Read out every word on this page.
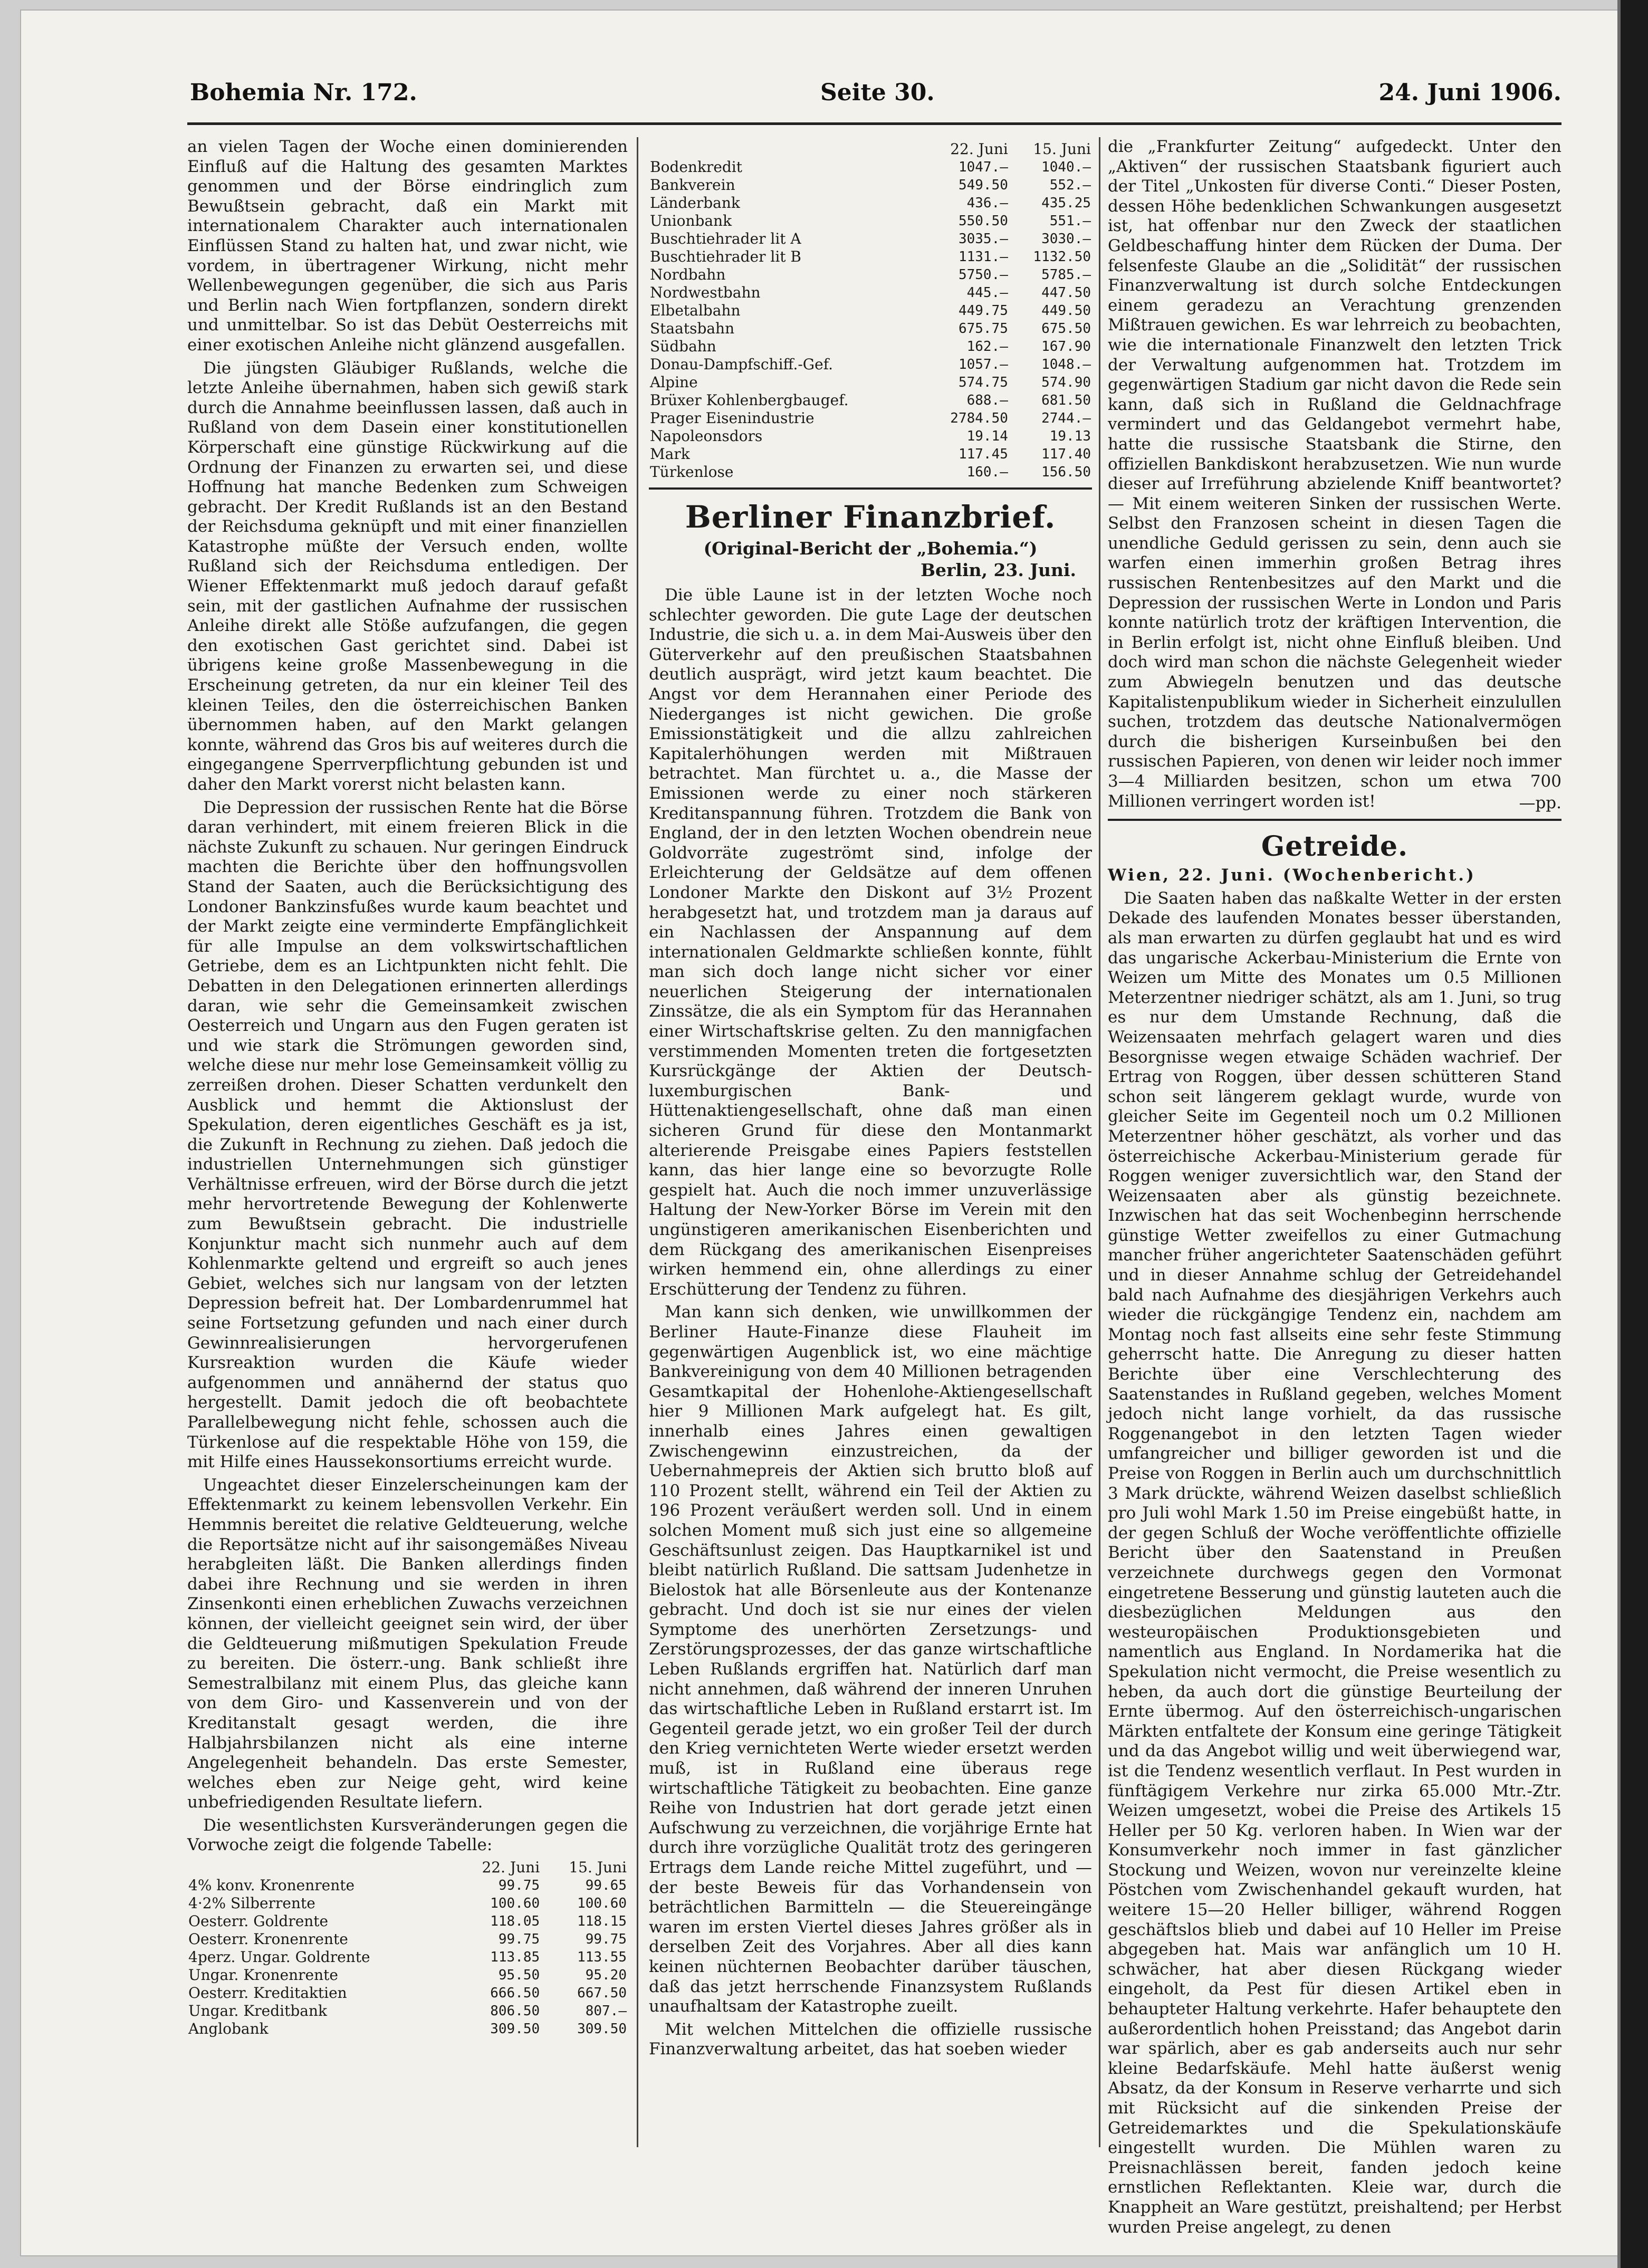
Bohemia Nr. 172.	Seite 30.	24. Juni 1906.

an vielen Tagen der Woche einen dominierenden Einfluß auf die Haltung des gesamten Marktes genommen und der Börse eindringlich zum Bewußtsein gebracht, daß ein Markt mit internationalem Charakter auch internationalen Einflüssen Stand zu halten hat, und zwar nicht, wie vordem, in übertragener Wirkung, nicht mehr Wellenbewegungen gegenüber, die sich aus Paris und Berlin nach Wien fortpflanzen, sondern direkt und unmittelbar. So ist das Debüt Oesterreichs mit einer exotischen Anleihe nicht glänzend ausgefallen.

Die jüngsten Gläubiger Rußlands, welche die letzte Anleihe übernahmen, haben sich gewiß stark durch die Annahme beeinflussen lassen, daß auch in Rußland von dem Dasein einer konstitutionellen Körperschaft eine günstige Rückwirkung auf die Ordnung der Finanzen zu erwarten sei, und diese Hoffnung hat manche Bedenken zum Schweigen gebracht. Der Kredit Rußlands ist an den Bestand der Reichsduma geknüpft und mit einer finanziellen Katastrophe müßte der Versuch enden, wollte Rußland sich der Reichsduma entledigen. Der Wiener Effektenmarkt muß jedoch darauf gefaßt sein, mit der gastlichen Aufnahme der russischen Anleihe direkt alle Stöße aufzufangen, die gegen den exotischen Gast gerichtet sind. Dabei ist übrigens keine große Massenbewegung in die Erscheinung getreten, da nur ein kleiner Teil des kleinen Teiles, den die österreichischen Banken übernommen haben, auf den Markt gelangen konnte, während das Gros bis auf weiteres durch die eingegangene Sperrverpflichtung gebunden ist und daher den Markt vorerst nicht belasten kann.

Die Depression der russischen Rente hat die Börse daran verhindert, mit einem freieren Blick in die nächste Zukunft zu schauen. Nur geringen Eindruck machten die Berichte über den hoffnungsvollen Stand der Saaten, auch die Berücksichtigung des Londoner Bankzinsfußes wurde kaum beachtet und der Markt zeigte eine verminderte Empfänglichkeit für alle Impulse an dem volkswirtschaftlichen Getriebe, dem es an Lichtpunkten nicht fehlt. Die Debatten in den Delegationen erinnerten allerdings daran, wie sehr die Gemeinsamkeit zwischen Oesterreich und Ungarn aus den Fugen geraten ist und wie stark die Strömungen geworden sind, welche diese nur mehr lose Gemeinsamkeit völlig zu zerreißen drohen. Dieser Schatten verdunkelt den Ausblick und hemmt die Aktionslust der Spekulation, deren eigentliches Geschäft es ja ist, die Zukunft in Rechnung zu ziehen. Daß jedoch die industriellen Unternehmungen sich günstiger Verhältnisse erfreuen, wird der Börse durch die jetzt mehr hervortretende Bewegung der Kohlenwerte zum Bewußtsein gebracht. Die industrielle Konjunktur macht sich nunmehr auch auf dem Kohlenmarkte geltend und ergreift so auch jenes Gebiet, welches sich nur langsam von der letzten Depression befreit hat. Der Lombardenrummel hat seine Fortsetzung gefunden und nach einer durch Gewinnrealisierungen hervorgerufenen Kursreaktion wurden die Käufe wieder aufgenommen und annähernd der status quo hergestellt. Damit jedoch die oft beobachtete Parallelbewegung nicht fehle, schossen auch die Türkenlose auf die respektable Höhe von 159, die mit Hilfe eines Haussekonsortiums erreicht wurde.

Ungeachtet dieser Einzelerscheinungen kam der Effektenmarkt zu keinem lebensvollen Verkehr. Ein Hemmnis bereitet die relative Geldteuerung, welche die Reportsätze nicht auf ihr saisongemäßes Niveau herabgleiten läßt. Die Banken allerdings finden dabei ihre Rechnung und sie werden in ihren Zinsenkonti einen erheblichen Zuwachs verzeichnen können, der vielleicht geeignet sein wird, der über die Geldteuerung mißmutigen Spekulation Freude zu bereiten. Die österr.-ung. Bank schließt ihre Semestralbilanz mit einem Plus, das gleiche kann von dem Giro- und Kassenverein und von der Kreditanstalt gesagt werden, die ihre Halbjahrsbilanzen nicht als eine interne Angelegenheit behandeln. Das erste Semester, welches eben zur Neige geht, wird keine unbefriedigenden Resultate liefern.

Die wesentlichsten Kursveränderungen gegen die Vorwoche zeigt die folgende Tabelle:

	22. Juni	15. Juni
4% konv. Kronenrente	99.75	99.65
4·2% Silberrente	100.60	100.60
Oesterr. Goldrente	118.05	118.15
Oesterr. Kronenrente	99.75	99.75
4perz. Ungar. Goldrente	113.85	113.55
Ungar. Kronenrente	95.50	95.20
Oesterr. Kreditaktien	666.50	667.50
Ungar. Kreditbank	806.50	807.—
Anglobank	309.50	309.50
	22. Juni	15. Juni
Bodenkredit	1047.—	1040.—
Bankverein	549.50	552.—
Länderbank	436.—	435.25
Unionbank	550.50	551.—
Buschtiehrader lit A	3035.—	3030.—
Buschtiehrader lit B	1131.—	1132.50
Nordbahn	5750.—	5785.—
Nordwestbahn	445.—	447.50
Elbetalbahn	449.75	449.50
Staatsbahn	675.75	675.50
Südbahn	162.—	167.90
Donau-Dampfschiff.-Gef.	1057.—	1048.—
Alpine	574.75	574.90
Brüxer Kohlenbergbaugef.	688.—	681.50
Prager Eisenindustrie	2784.50	2744.—
Napoleonsdors	19.14	19.13
Mark	117.45	117.40
Türkenlose	160.—	156.50
Berliner Finanzbrief.
(Original-Bericht der „Bohemia.“)
Berlin, 23. Juni.

Die üble Laune ist in der letzten Woche noch schlechter geworden. Die gute Lage der deutschen Industrie, die sich u. a. in dem Mai-Ausweis über den Güterverkehr auf den preußischen Staatsbahnen deutlich ausprägt, wird jetzt kaum beachtet. Die Angst vor dem Herannahen einer Periode des Niederganges ist nicht gewichen. Die große Emissionstätigkeit und die allzu zahlreichen Kapitalerhöhungen werden mit Mißtrauen betrachtet. Man fürchtet u. a., die Masse der Emissionen werde zu einer noch stärkeren Kreditanspannung führen. Trotzdem die Bank von England, der in den letzten Wochen obendrein neue Goldvorräte zugeströmt sind, infolge der Erleichterung der Geldsätze auf dem offenen Londoner Markte den Diskont auf 3½ Prozent herabgesetzt hat, und trotzdem man ja daraus auf ein Nachlassen der Anspannung auf dem internationalen Geldmarkte schließen konnte, fühlt man sich doch lange nicht sicher vor einer neuerlichen Steigerung der internationalen Zinssätze, die als ein Symptom für das Herannahen einer Wirtschaftskrise gelten. Zu den mannigfachen verstimmenden Momenten treten die fortgesetzten Kursrückgänge der Aktien der Deutsch-luxemburgischen Bank- und Hüttenaktiengesellschaft, ohne daß man einen sicheren Grund für diese den Montanmarkt alterierende Preisgabe eines Papiers feststellen kann, das hier lange eine so bevorzugte Rolle gespielt hat. Auch die noch immer unzuverlässige Haltung der New-Yorker Börse im Verein mit den ungünstigeren amerikanischen Eisenberichten und dem Rückgang des amerikanischen Eisenpreises wirken hemmend ein, ohne allerdings zu einer Erschütterung der Tendenz zu führen.

Man kann sich denken, wie unwillkommen der Berliner Haute-Finanze diese Flauheit im gegenwärtigen Augenblick ist, wo eine mächtige Bankvereinigung von dem 40 Millionen betragenden Gesamtkapital der Hohenlohe-Aktiengesellschaft hier 9 Millionen Mark aufgelegt hat. Es gilt, innerhalb eines Jahres einen gewaltigen Zwischengewinn einzustreichen, da der Uebernahmepreis der Aktien sich brutto bloß auf 110 Prozent stellt, während ein Teil der Aktien zu 196 Prozent veräußert werden soll. Und in einem solchen Moment muß sich just eine so allgemeine Geschäftsunlust zeigen. Das Hauptkarnikel ist und bleibt natürlich Rußland. Die sattsam Judenhetze in Bielostok hat alle Börsenleute aus der Kontenanze gebracht. Und doch ist sie nur eines der vielen Symptome des unerhörten Zersetzungs- und Zerstörungsprozesses, der das ganze wirtschaftliche Leben Rußlands ergriffen hat. Natürlich darf man nicht annehmen, daß während der inneren Unruhen das wirtschaftliche Leben in Rußland erstarrt ist. Im Gegenteil gerade jetzt, wo ein großer Teil der durch den Krieg vernichteten Werte wieder ersetzt werden muß, ist in Rußland eine überaus rege wirtschaftliche Tätigkeit zu beobachten. Eine ganze Reihe von Industrien hat dort gerade jetzt einen Aufschwung zu verzeichnen, die vorjährige Ernte hat durch ihre vorzügliche Qualität trotz des geringeren Ertrags dem Lande reiche Mittel zugeführt, und — der beste Beweis für das Vorhandensein von beträchtlichen Barmitteln — die Steuereingänge waren im ersten Viertel dieses Jahres größer als in derselben Zeit des Vorjahres. Aber all dies kann keinen nüchternen Beobachter darüber täuschen, daß das jetzt herrschende Finanzsystem Rußlands unaufhaltsam der Katastrophe zueilt.

Mit welchen Mittelchen die offizielle russische Finanzverwaltung arbeitet, das hat soeben wieder

die „Frankfurter Zeitung“ aufgedeckt. Unter den „Aktiven“ der russischen Staatsbank figuriert auch der Titel „Unkosten für diverse Conti.“ Dieser Posten, dessen Höhe bedenklichen Schwankungen ausgesetzt ist, hat offenbar nur den Zweck der staatlichen Geldbeschaffung hinter dem Rücken der Duma. Der felsenfeste Glaube an die „Solidität“ der russischen Finanzverwaltung ist durch solche Entdeckungen einem geradezu an Verachtung grenzenden Mißtrauen gewichen. Es war lehrreich zu beobachten, wie die internationale Finanzwelt den letzten Trick der Verwaltung aufgenommen hat. Trotzdem im gegenwärtigen Stadium gar nicht davon die Rede sein kann, daß sich in Rußland die Geldnachfrage vermindert und das Geldangebot vermehrt habe, hatte die russische Staatsbank die Stirne, den offiziellen Bankdiskont herabzusetzen. Wie nun wurde dieser auf Irreführung abzielende Kniff beantwortet? — Mit einem weiteren Sinken der russischen Werte. Selbst den Franzosen scheint in diesen Tagen die unendliche Geduld gerissen zu sein, denn auch sie warfen einen immerhin großen Betrag ihres russischen Rentenbesitzes auf den Markt und die Depression der russischen Werte in London und Paris konnte natürlich trotz der kräftigen Intervention, die in Berlin erfolgt ist, nicht ohne Einfluß bleiben. Und doch wird man schon die nächste Gelegenheit wieder zum Abwiegeln benutzen und das deutsche Kapitalistenpublikum wieder in Sicherheit einzulullen suchen, trotzdem das deutsche Nationalvermögen durch die bisherigen Kurseinbußen bei den russischen Papieren, von denen wir leider noch immer 3—4 Milliarden besitzen, schon um etwa 700 Millionen verringert worden ist!	—pp.
Getreide.

Wien, 22. Juni. (Wochenbericht.)

Die Saaten haben das naßkalte Wetter in der ersten Dekade des laufenden Monates besser überstanden, als man erwarten zu dürfen geglaubt hat und es wird das ungarische Ackerbau-Ministerium die Ernte von Weizen um Mitte des Monates um 0.5 Millionen Meterzentner niedriger schätzt, als am 1. Juni, so trug es nur dem Umstande Rechnung, daß die Weizensaaten mehrfach gelagert waren und dies Besorgnisse wegen etwaige Schäden wachrief. Der Ertrag von Roggen, über dessen schütteren Stand schon seit längerem geklagt wurde, wurde von gleicher Seite im Gegenteil noch um 0.2 Millionen Meterzentner höher geschätzt, als vorher und das österreichische Ackerbau-Ministerium gerade für Roggen weniger zuversichtlich war, den Stand der Weizensaaten aber als günstig bezeichnete. Inzwischen hat das seit Wochenbeginn herrschende günstige Wetter zweifellos zu einer Gutmachung mancher früher angerichteter Saatenschäden geführt und in dieser Annahme schlug der Getreidehandel bald nach Aufnahme des diesjährigen Verkehrs auch wieder die rückgängige Tendenz ein, nachdem am Montag noch fast allseits eine sehr feste Stimmung geherrscht hatte. Die Anregung zu dieser hatten Berichte über eine Verschlechterung des Saatenstandes in Rußland gegeben, welches Moment jedoch nicht lange vorhielt, da das russische Roggenangebot in den letzten Tagen wieder umfangreicher und billiger geworden ist und die Preise von Roggen in Berlin auch um durchschnittlich 3 Mark drückte, während Weizen daselbst schließlich pro Juli wohl Mark 1.50 im Preise eingebüßt hatte, in der gegen Schluß der Woche veröffentlichte offizielle Bericht über den Saatenstand in Preußen verzeichnete durchwegs gegen den Vormonat eingetretene Besserung und günstig lauteten auch die diesbezüglichen Meldungen aus den westeuropäischen Produktionsgebieten und namentlich aus England. In Nordamerika hat die Spekulation nicht vermocht, die Preise wesentlich zu heben, da auch dort die günstige Beurteilung der Ernte übermog. Auf den österreichisch-ungarischen Märkten entfaltete der Konsum eine geringe Tätigkeit und da das Angebot willig und weit überwiegend war, ist die Tendenz wesentlich verflaut. In Pest wurden in fünftägigem Verkehre nur zirka 65.000 Mtr.-Ztr. Weizen umgesetzt, wobei die Preise des Artikels 15 Heller per 50 Kg. verloren haben. In Wien war der Konsumverkehr noch immer in fast gänzlicher Stockung und Weizen, wovon nur vereinzelte kleine Pöstchen vom Zwischenhandel gekauft wurden, hat weitere 15—20 Heller billiger, während Roggen geschäftslos blieb und dabei auf 10 Heller im Preise abgegeben hat. Mais war anfänglich um 10 H. schwächer, hat aber diesen Rückgang wieder eingeholt, da Pest für diesen Artikel eben in behaupteter Haltung verkehrte. Hafer behauptete den außerordentlich hohen Preisstand; das Angebot darin war spärlich, aber es gab anderseits auch nur sehr kleine Bedarfskäufe. Mehl hatte äußerst wenig Absatz, da der Konsum in Reserve verharrte und sich mit Rücksicht auf die sinkenden Preise der Getreidemarktes und die Spekulationskäufe eingestellt wurden. Die Mühlen waren zu Preisnachlässen bereit, fanden jedoch keine ernstlichen Reflektanten. Kleie war, durch die Knappheit an Ware gestützt, preishaltend; per Herbst wurden Preise angelegt, zu denen
